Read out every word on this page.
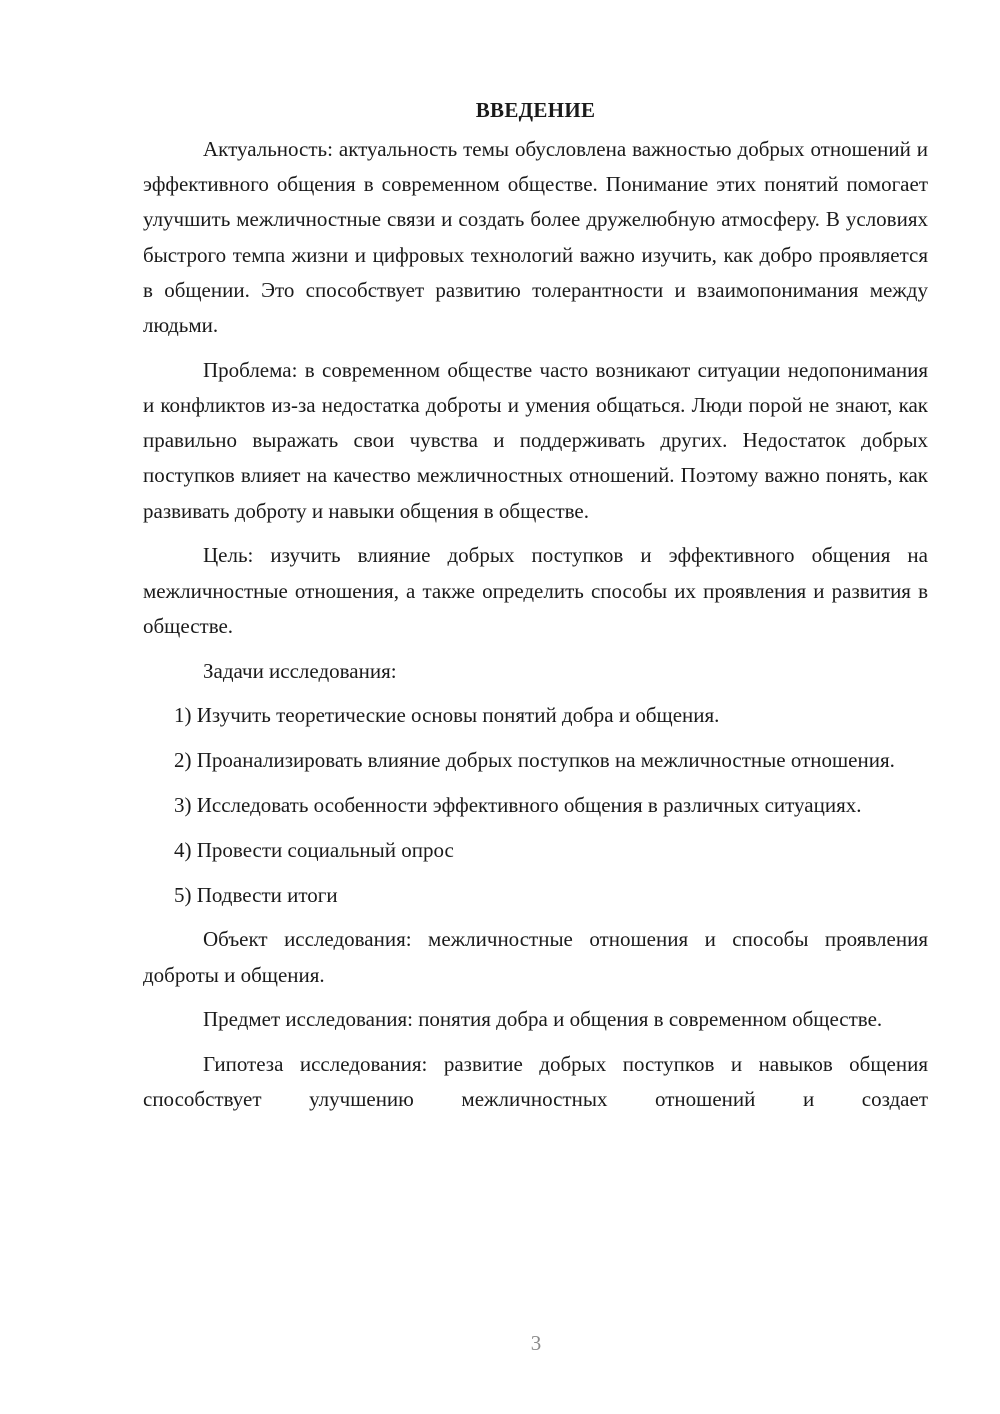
ВВЕДЕНИЕ

Актуальность: актуальность темы обусловлена важностью добрых отношений и эффективного общения в современном обществе. Понимание этих понятий помогает улучшить межличностные связи и создать более дружелюбную атмосферу. В условиях быстрого темпа жизни и цифровых технологий важно изучить, как добро проявляется в общении. Это способствует развитию толерантности и взаимопонимания между людьми.

Проблема: в современном обществе часто возникают ситуации недопонимания и конфликтов из-за недостатка доброты и умения общаться. Люди порой не знают, как правильно выражать свои чувства и поддерживать других. Недостаток добрых поступков влияет на качество межличностных отношений. Поэтому важно понять, как развивать доброту и навыки общения в обществе.

Цель: изучить влияние добрых поступков и эффективного общения на межличностные отношения, а также определить способы их проявления и развития в обществе.

Задачи исследования:

1) Изучить теоретические основы понятий добра и общения.

2) Проанализировать влияние добрых поступков на межличностные отношения.

3) Исследовать особенности эффективного общения в различных ситуациях.

4) Провести социальный опрос

5) Подвести итоги

Объект исследования: межличностные отношения и способы проявления доброты и общения.

Предмет исследования: понятия добра и общения в современном обществе.

Гипотеза исследования: развитие добрых поступков и навыков общения способствует улучшению межличностных отношений и создает

3
